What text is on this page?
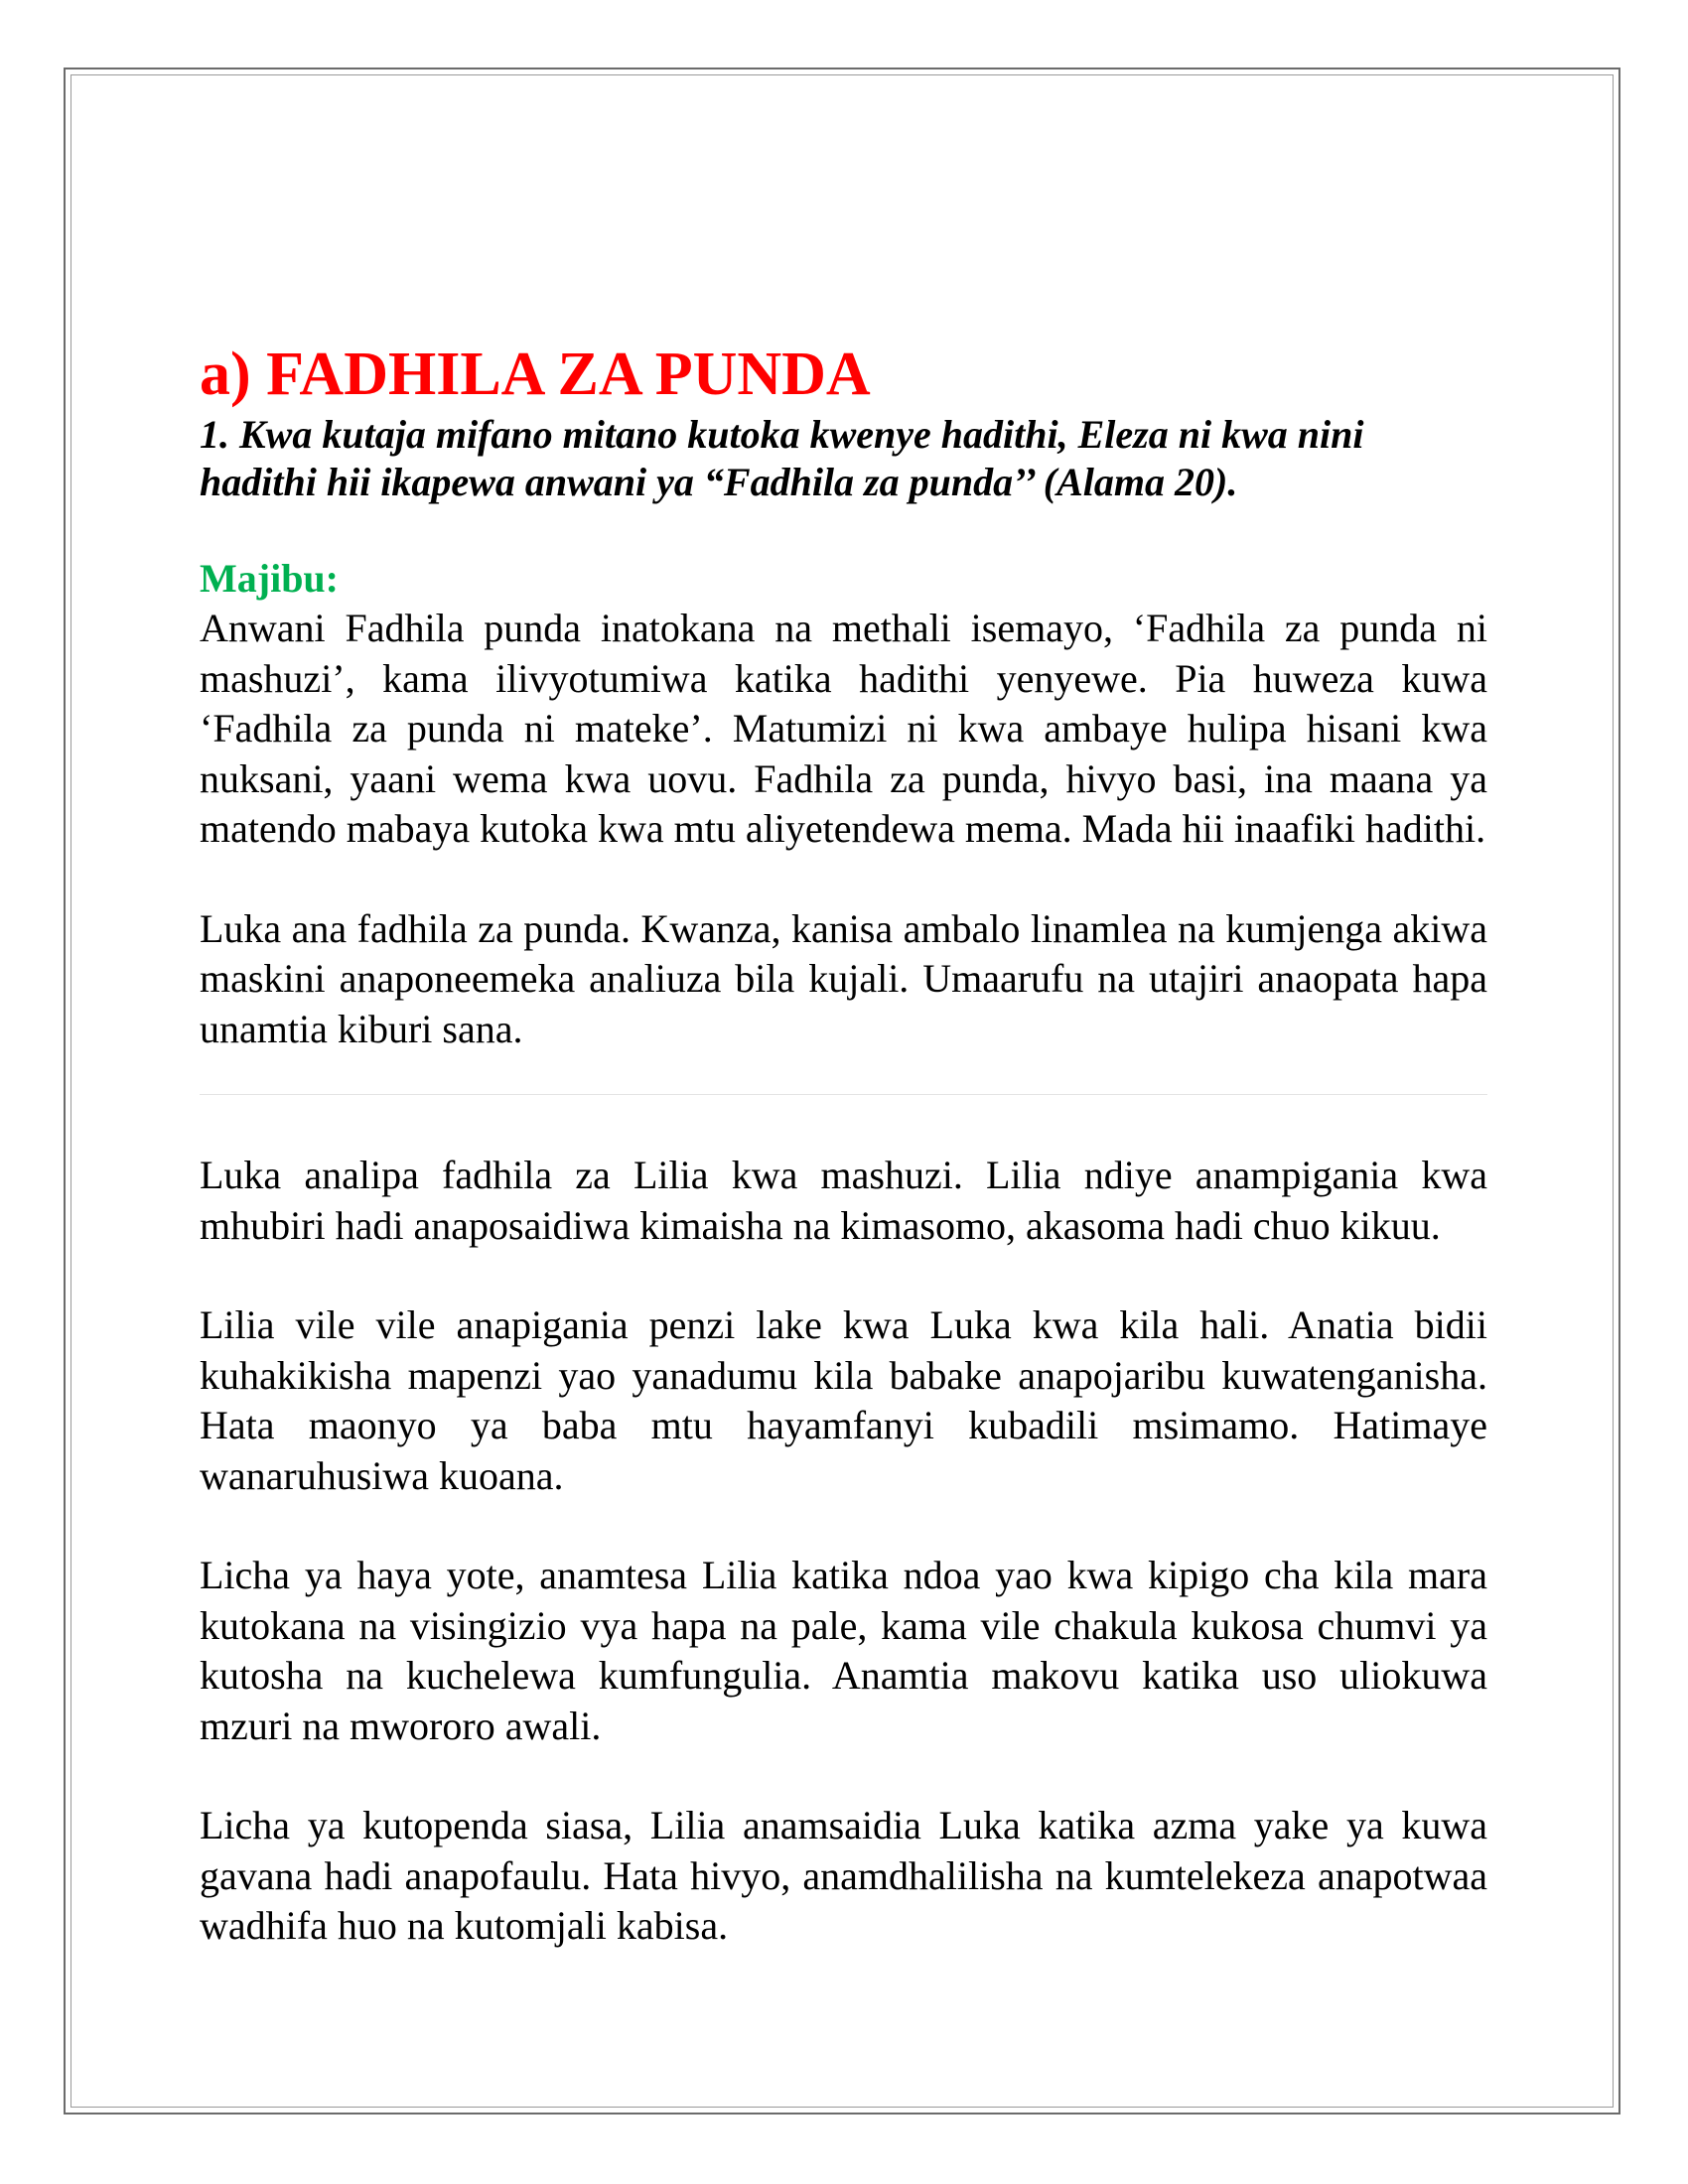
a) FADHILA ZA PUNDA

1. Kwa kutaja mifano mitano kutoka kwenye hadithi, Eleza ni kwa nini hadithi hii ikapewa anwani ya “Fadhila za punda’’ (Alama 20).

Majibu:

Anwani Fadhila punda inatokana na methali isemayo, ‘Fadhila za punda ni mashuzi’, kama ilivyotumiwa katika hadithi yenyewe. Pia huweza kuwa ‘Fadhila za punda ni mateke’. Matumizi ni kwa ambaye hulipa hisani kwa nuksani, yaani wema kwa uovu. Fadhila za punda, hivyo basi, ina maana ya matendo mabaya kutoka kwa mtu aliyetendewa mema. Mada hii inaafiki hadithi.

Luka ana fadhila za punda. Kwanza, kanisa ambalo linamlea na kumjenga akiwa maskini anaponeemeka analiuza bila kujali. Umaarufu na utajiri anaopata hapa unamtia kiburi sana.

Luka analipa fadhila za Lilia kwa mashuzi. Lilia ndiye anampigania kwa mhubiri hadi anaposaidiwa kimaisha na kimasomo, akasoma hadi chuo kikuu.

Lilia vile vile anapigania penzi lake kwa Luka kwa kila hali. Anatia bidii kuhakikisha mapenzi yao yanadumu kila babake anapojaribu kuwatenganisha. Hata maonyo ya baba mtu hayamfanyi kubadili msimamo. Hatimaye wanaruhusiwa kuoana.

Licha ya haya yote, anamtesa Lilia katika ndoa yao kwa kipigo cha kila mara kutokana na visingizio vya hapa na pale, kama vile chakula kukosa chumvi ya kutosha na kuchelewa kumfungulia. Anamtia makovu katika uso uliokuwa mzuri na mwororo awali.

Licha ya kutopenda siasa, Lilia anamsaidia Luka katika azma yake ya kuwa gavana hadi anapofaulu. Hata hivyo, anamdhalilisha na kumtelekeza anapotwaa wadhifa huo na kutomjali kabisa.
